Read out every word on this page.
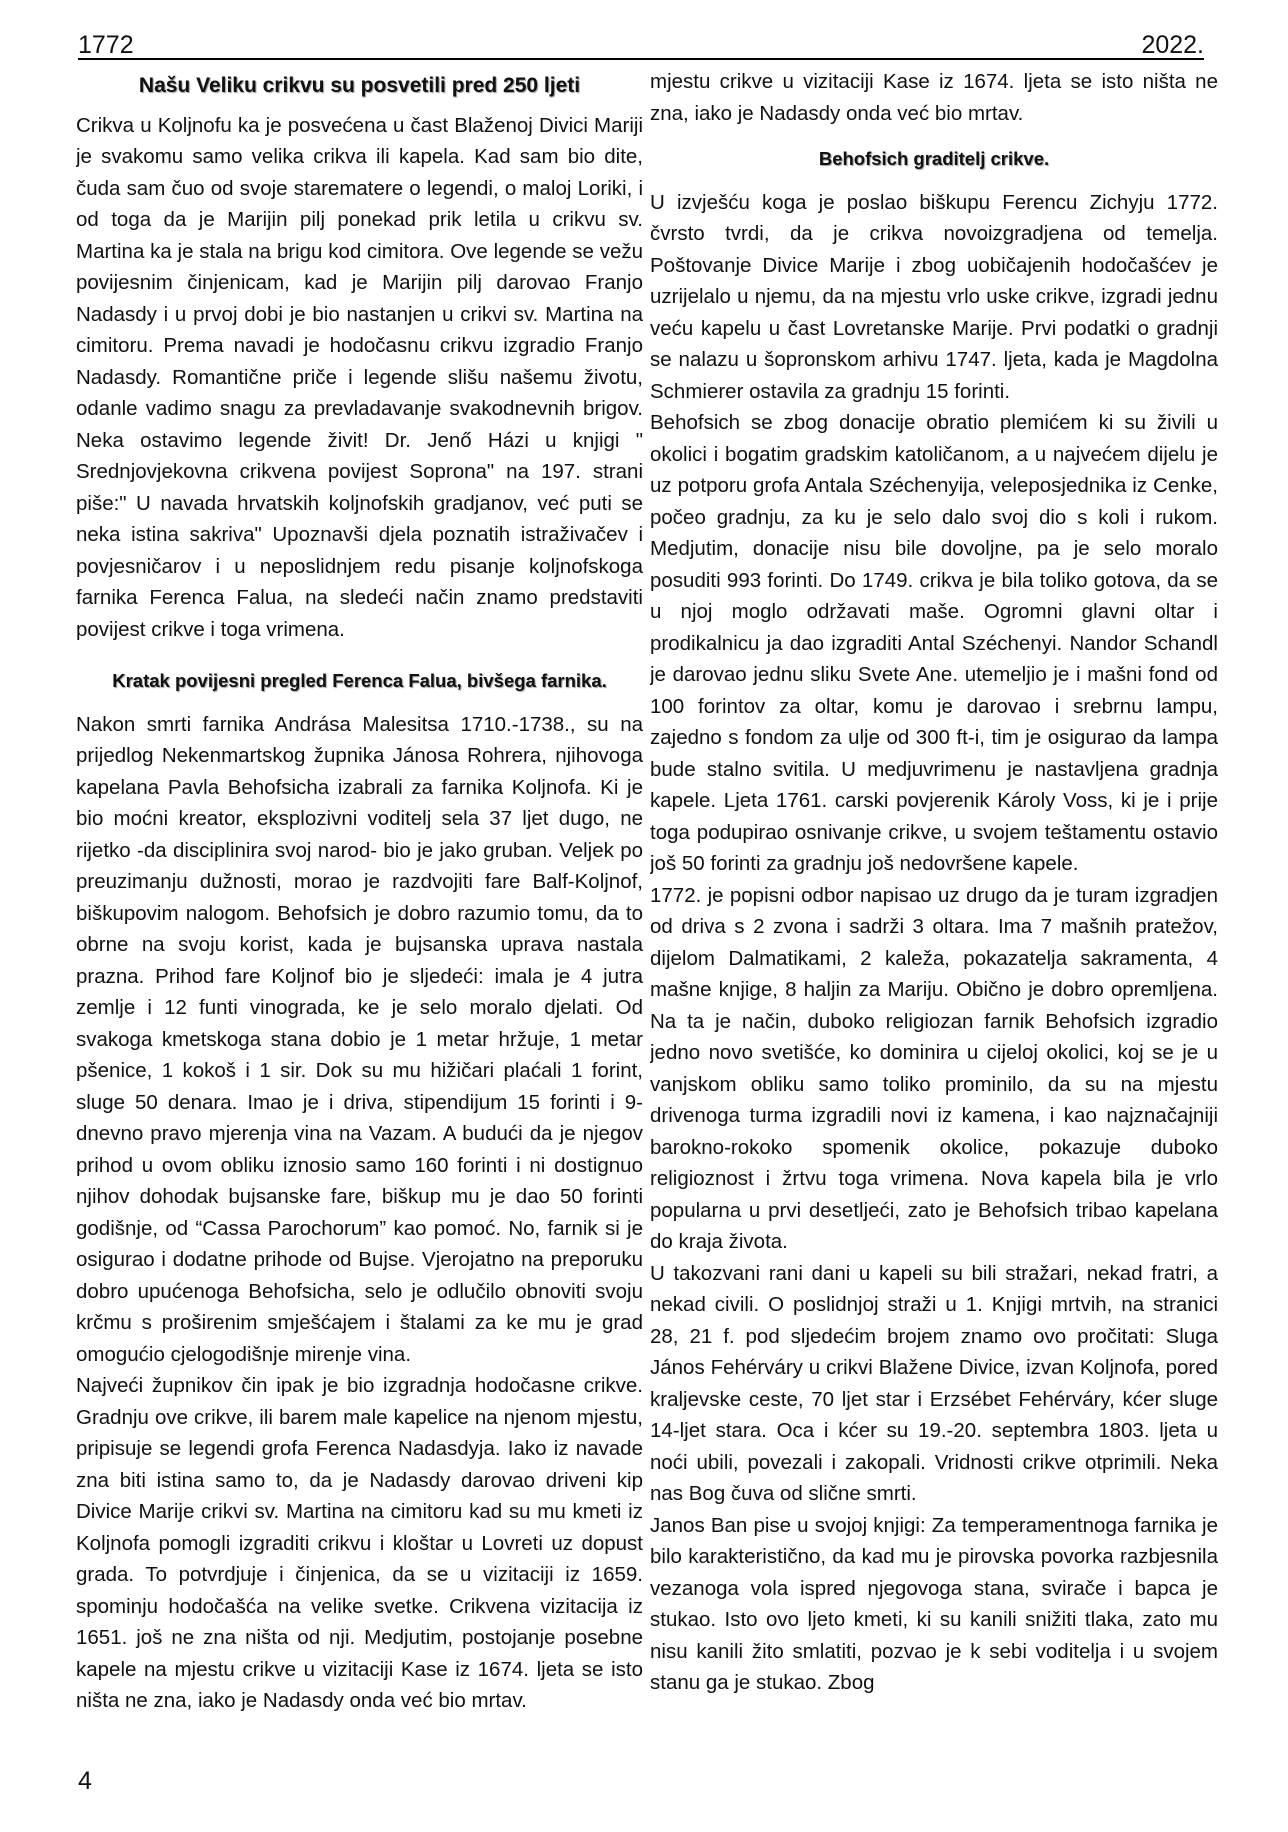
1772	2022.
Našu Veliku crikvu su posvetili pred 250 ljeti

Crikva u Koljnofu ka je posvećena u čast Blaženoj Divici Mariji je svakomu samo velika crikva ili kapela. Kad sam bio dite, čuda sam čuo od svoje starematere o legendi, o maloj Loriki, i od toga da je Marijin pilj ponekad prik letila u crikvu sv. Martina ka je stala na brigu kod cimitora. Ove legende se vežu povijesnim činjenicam, kad je Marijin pilj darovao Franjo Nadasdy i u prvoj dobi je bio nastanjen u crikvi sv. Martina na cimitoru. Prema navadi je hodočasnu crikvu izgradio Franjo Nadasdy. Romantične priče i legende slišu našemu životu, odanle vadimo snagu za prevladavanje svakodnevnih brigov. Neka ostavimo legende živit! Dr. Jenő Házi u knjigi " Srednjovjekovna crikvena povijest Soprona" na 197. strani piše:" U navada hrvatskih koljnofskih gradjanov, već puti se neka istina sakriva" Upoznavši djela poznatih istraživačev i povjesničarov i u neposlidnjem redu pisanje koljnofskoga farnika Ferenca Falua, na sledeći način znamo predstaviti povijest crikve i toga vrimena.

Kratak povijesni pregled Ferenca Falua, bivšega farnika.

Nakon smrti farnika Andrása Malesitsa 1710.-1738., su na prijedlog Nekenmartskog župnika Jánosa Rohrera, njihovoga kapelana Pavla Behofsicha izabrali za farnika Koljnofa. Ki je bio moćni kreator, eksplozivni voditelj sela 37 ljet dugo, ne rijetko -da disciplinira svoj narod- bio je jako gruban. Veljek po preuzimanju dužnosti, morao je razdvojiti fare Balf-Koljnof, biškupovim nalogom. Behofsich je dobro razumio tomu, da to obrne na svoju korist, kada je bujsanska uprava nastala prazna. Prihod fare Koljnof bio je sljedeći: imala je 4 jutra zemlje i 12 funti vinograda, ke je selo moralo djelati. Od svakoga kmetskoga stana dobio je 1 metar hržuje, 1 metar pšenice, 1 kokoš i 1 sir. Dok su mu hižičari plaćali 1 forint, sluge 50 denara. Imao je i driva, stipendijum 15 forinti i 9-dnevno pravo mjerenja vina na Vazam. A budući da je njegov prihod u ovom obliku iznosio samo 160 forinti i ni dostignuo njihov dohodak bujsanske fare, biškup mu je dao 50 forinti godišnje, od “Cassa Parochorum” kao pomoć. No, farnik si je osigurao i dodatne prihode od Bujse. Vjerojatno na preporuku dobro upućenoga Behofsicha, selo je odlučilo obnoviti svoju krčmu s proširenim smješćajem i štalami za ke mu je grad omogućio cjelogodišnje mirenje vina.

Najveći župnikov čin ipak je bio izgradnja hodočasne crikve. Gradnju ove crikve, ili barem male kapelice na njenom mjestu, pripisuje se legendi grofa Ferenca Nadasdyja. Iako iz navade zna biti istina samo to, da je Nadasdy darovao driveni kip Divice Marije crikvi sv. Martina na cimitoru kad su mu kmeti iz Koljnofa pomogli izgraditi crikvu i kloštar u Lovreti uz dopust grada. To potvrdjuje i činjenica, da se u vizitaciji iz 1659. spominju hodočašća na velike svetke. Crikvena vizitacija iz 1651. još ne zna ništa od nji. Medjutim, postojanje posebne kapele na mjestu crikve u vizitaciji Kase iz 1674. ljeta se isto ništa ne zna, iako je Nadasdy onda već bio mrtav.

mjestu crikve u vizitaciji Kase iz 1674. ljeta se isto ništa ne zna, iako je Nadasdy onda već bio mrtav.

Behofsich graditelj crikve.

U izvješću koga je poslao biškupu Ferencu Zichyju 1772. čvrsto tvrdi, da je crikva novoizgradjena od temelja. Poštovanje Divice Marije i zbog uobičajenih hodočašćev je uzrijelalo u njemu, da na mjestu vrlo uske crikve, izgradi jednu veću kapelu u čast Lovretanske Marije. Prvi podatki o gradnji se nalazu u šopronskom arhivu 1747. ljeta, kada je Magdolna Schmierer ostavila za gradnju 15 forinti.

Behofsich se zbog donacije obratio plemićem ki su živili u okolici i bogatim gradskim katoličanom, a u najvećem dijelu je uz potporu grofa Antala Széchenyija, veleposjednika iz Cenke, počeo gradnju, za ku je selo dalo svoj dio s koli i rukom. Medjutim, donacije nisu bile dovoljne, pa je selo moralo posuditi 993 forinti. Do 1749. crikva je bila toliko gotova, da se u njoj moglo održavati maše. Ogromni glavni oltar i prodikalnicu ja dao izgraditi Antal Széchenyi. Nandor Schandl je darovao jednu sliku Svete Ane. utemeljio je i mašni fond od 100 forintov za oltar, komu je darovao i srebrnu lampu, zajedno s fondom za ulje od 300 ft-i, tim je osigurao da lampa bude stalno svitila. U medjuvrimenu je nastavljena gradnja kapele. Ljeta 1761. carski povjerenik Károly Voss, ki je i prije toga podupirao osnivanje crikve, u svojem teštamentu ostavio još 50 forinti za gradnju još nedovršene kapele.

1772. je popisni odbor napisao uz drugo da je turam izgradjen od driva s 2 zvona i sadrži 3 oltara. Ima 7 mašnih pratežov, dijelom Dalmatikami, 2 kaleža, pokazatelja sakramenta, 4 mašne knjige, 8 haljin za Mariju. Obično je dobro opremljena. Na ta je način, duboko religiozan farnik Behofsich izgradio jedno novo svetišće, ko dominira u cijeloj okolici, koj se je u vanjskom obliku samo toliko prominilo, da su na mjestu drivenoga turma izgradili novi iz kamena, i kao najznačajniji barokno-rokoko spomenik okolice, pokazuje duboko religioznost i žrtvu toga vrimena. Nova kapela bila je vrlo popularna u prvi desetljeći, zato je Behofsich tribao kapelana do kraja života.

U takozvani rani dani u kapeli su bili stražari, nekad fratri, a nekad civili. O poslidnjoj straži u 1. Knjigi mrtvih, na stranici 28, 21 f. pod sljedećim brojem znamo ovo pročitati: Sluga János Fehérváry u crikvi Blažene Divice, izvan Koljnofa, pored kraljevske ceste, 70 ljet star i Erzsébet Fehérváry, kćer sluge 14-ljet stara. Oca i kćer su 19.-20. septembra 1803. ljeta u noći ubili, povezali i zakopali. Vridnosti crikve otprimili. Neka nas Bog čuva od slične smrti.

Janos Ban pise u svojoj knjigi: Za temperamentnoga farnika je bilo karakteristično, da kad mu je pirovska povorka razbjesnila vezanoga vola ispred njegovoga stana, svirače i bapca je stukao. Isto ovo ljeto kmeti, ki su kanili snižiti tlaka, zato mu nisu kanili žito smlatiti, pozvao je k sebi voditelja i u svojem stanu ga je stukao. Zbog

4
